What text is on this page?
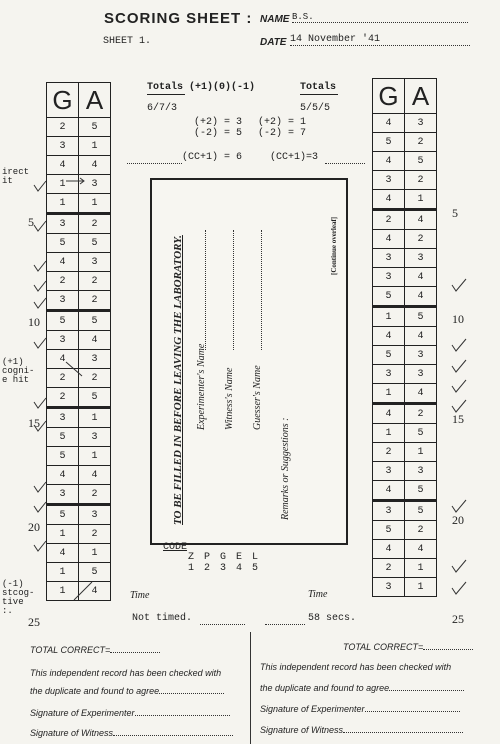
SCORING SHEET : NAME B.S.
SHEET 1.	DATE 14 November '41
G	A
2	5
3	1
4	4
1	3
1	1
3	2
5	5
4	3
2	2
3	2
5	5
3	4
4	3
2	2
2	5
3	1
5	3
5	1
4	4
3	2
5	3
1	2
4	1
1	5
1	4
G	A
4	3
5	2
4	5
3	2
4	1
2	4
4	2
3	3
3	4
5	4
1	5
4	4
5	3
3	3
1	4
4	2
1	5
2	1
3	3
4	5
3	5
5	2
4	4
2	1
3	1
5
10
15
20
25
5
10
15
20
25
irect
it
(+1)
cogni-
e hit
(-1)
stcog-
tive
:.
Totals (+1)(0)(-1)	Totals
6/7/3	5/5/5
(+2) = 3
(-2) = 5
(+2) = 1
(-2) = 7
(CC+1) = 6	(CC+1)=3
TO BE FILLED IN BEFORE LEAVING THE LABORATORY. Experimenter's Name Witness's Name Guesser's Name
Remarks or Suggestions :
[Continue overleaf]
CODE
Z P G E L
1 2 3 4 5
Time
Not timed.
Time
58 secs.
TOTAL CORRECT=
This independent record has been checked with
the duplicate and found to agree
Signature of Experimenter
Signature of Witness
TOTAL CORRECT=
This independent record has been checked with
the duplicate and found to agree
Signature of Experimenter
Signature of Witness
